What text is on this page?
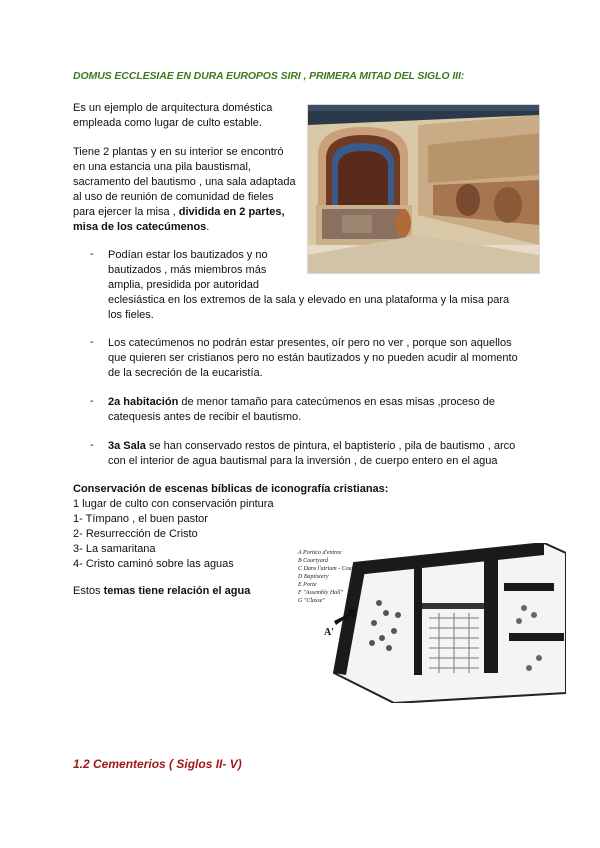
DOMUS ECCLESIAE EN DURA EUROPOS SIRI , PRIMERA MITAD DEL SIGLO III:
Es un ejemplo de arquitectura doméstica
empleada como lugar de culto estable.
Tiene 2 plantas y en su interior se encontró
en una estancia una pila baustismal,
sacramento del bautismo , una sala adaptada
al uso de reunión de comunidad de fieles
para ejercer la misa , dividida en 2 partes,
misa de los catecúmenos.
- Podían estar los bautizados y no
bautizados , más miembros más
amplia, presidida por autoridad
eclesiástica en los extremos de la sala y elevado en una plataforma y la misa para
los fieles.
- Los catecúmenos no podrán estar presentes, oír pero no ver , porque son aquellos
que quieren ser cristianos pero no están bautizados y no pueden acudir al momento
de la secreción de la eucaristía.
- 2a habitación de menor tamaño para catecúmenos en esas misas ,proceso de
catequesis antes de recibir el bautismo.
- 3a Sala se han conservado restos de pintura, el baptisterio , pila de bautismo , arco
con el interior de agua bautismal para la inversión , de cuerpo entero en el agua
Conservación de escenas bíblicas de iconografía cristianas:
1 lugar de culto con conservación pintura
1- Tímpano , el buen pastor
2- Resurrección de Cristo
3- La samaritana
4- Cristo caminó sobre las aguas
Estos temas tiene relación el agua
A Portico d'entree
B Courtyard
C Dans l'atrium - Cour
D Baptistery
E Porte
F "Assembly Hall"
G "Classe"
A'
1.2 Cementerios ( Siglos II- V)
